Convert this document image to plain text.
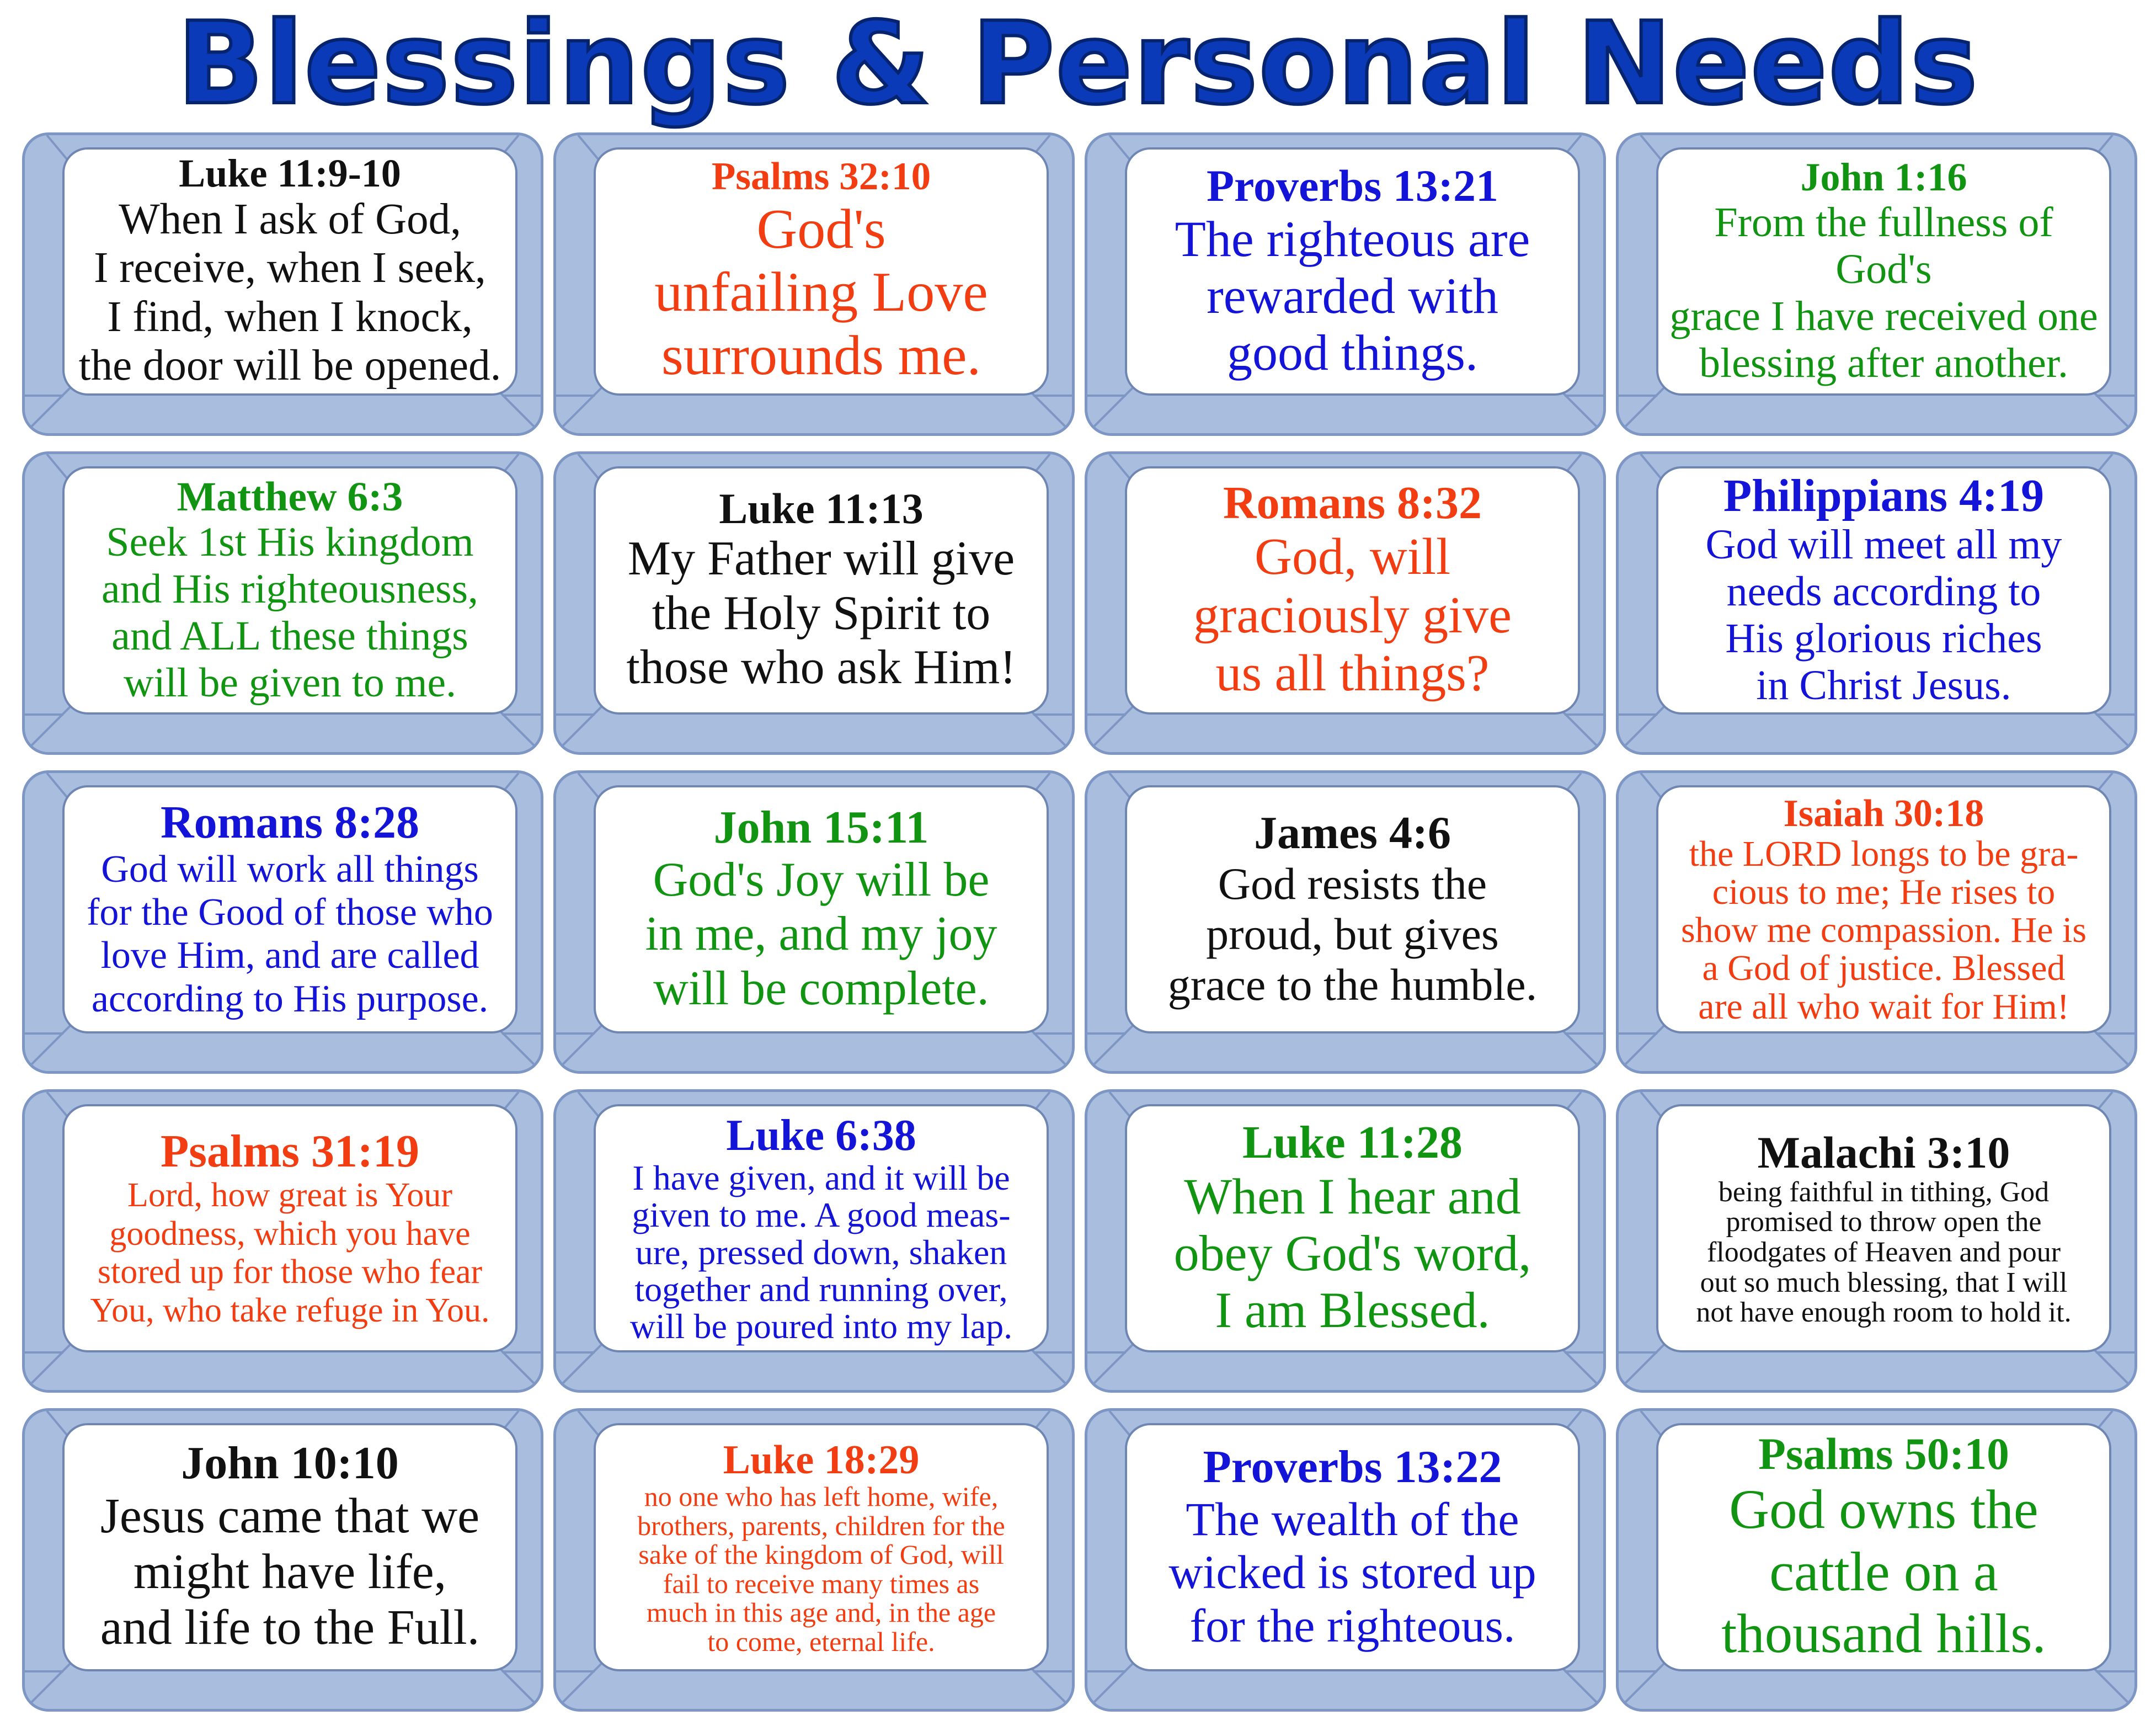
Blessings & Personal Needs
Luke 11:9-10
When I ask of God,
I receive, when I seek,
I find, when I knock,
the door will be opened.
Psalms 32:10
God's
unfailing Love
surrounds me.
Proverbs 13:21
The righteous are
rewarded with
good things.
John 1:16
From the fullness of God's
grace I have received one
blessing after another.
Matthew 6:3
Seek 1st His kingdom
and His righteousness,
and ALL these things
will be given to me.
Luke 11:13
My Father will give
the Holy Spirit to
those who ask Him!
Romans 8:32
God, will
graciously give
us all things?
Philippians 4:19
God will meet all my
needs according to
His glorious riches
in Christ Jesus.
Romans 8:28
God will work all things
for the Good of those who
love Him, and are called
according to His purpose.
John 15:11
God's Joy will be
in me, and my joy
will be complete.
James 4:6
God resists the
proud, but gives
grace to the humble.
Isaiah 30:18
the LORD longs to be gra-
cious to me; He rises to
show me compassion. He is
a God of justice. Blessed
are all who wait for Him!
Psalms 31:19
Lord, how great is Your
goodness, which you have
stored up for those who fear
You, who take refuge in You.
Luke 6:38
I have given, and it will be
given to me. A good meas-
ure, pressed down, shaken
together and running over,
will be poured into my lap.
Luke 11:28
When I hear and
obey God's word,
I am Blessed.
Malachi 3:10
being faithful in tithing, God
promised to throw open the
floodgates of Heaven and pour
out so much blessing, that I will
not have enough room to hold it.
John 10:10
Jesus came that we
might have life,
and life to the Full.
Luke 18:29
no one who has left home, wife,
brothers, parents, children for the
sake of the kingdom of God, will
fail to receive many times as
much in this age and, in the age
to come, eternal life.
Proverbs 13:22
The wealth of the
wicked is stored up
for the righteous.
Psalms 50:10
God owns the
cattle on a
thousand hills.
